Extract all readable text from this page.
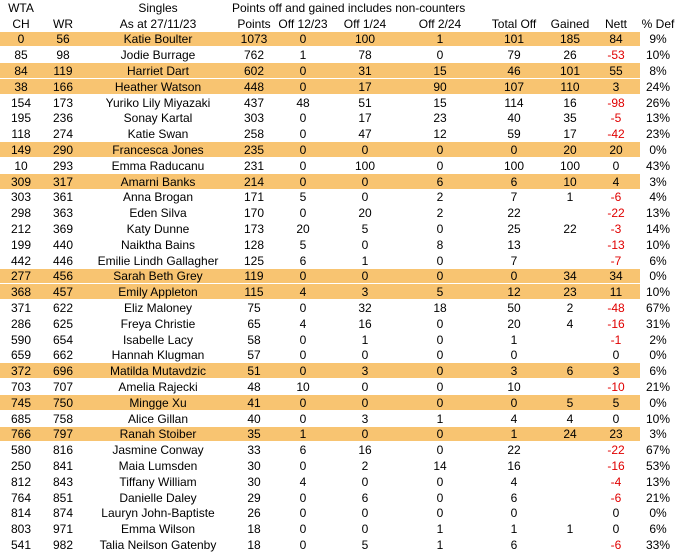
WTA		Singles	Points off and gained includes non-counters							
CH	WR	As at 27/11/23	Points	Off 12/23	Off 1/24	Off 2/24	Total Off	Gained	Nett	% Def
0	56	Katie Boulter	1073	0	100	1	101	185	84	9%
85	98	Jodie Burrage	762	1	78	0	79	26	-53	10%
84	119	Harriet Dart	602	0	31	15	46	101	55	8%
38	166	Heather Watson	448	0	17	90	107	110	3	24%
154	173	Yuriko Lily Miyazaki	437	48	51	15	114	16	-98	26%
195	236	Sonay Kartal	303	0	17	23	40	35	-5	13%
118	274	Katie Swan	258	0	47	12	59	17	-42	23%
149	290	Francesca Jones	235	0	0	0	0	20	20	0%
10	293	Emma Raducanu	231	0	100	0	100	100	0	43%
309	317	Amarni Banks	214	0	0	6	6	10	4	3%
303	361	Anna Brogan	171	5	0	2	7	1	-6	4%
298	363	Eden Silva	170	0	20	2	22		-22	13%
212	369	Katy Dunne	173	20	5	0	25	22	-3	14%
199	440	Naiktha Bains	128	5	0	8	13		-13	10%
442	446	Emilie Lindh Gallagher	125	6	1	0	7		-7	6%
277	456	Sarah Beth Grey	119	0	0	0	0	34	34	0%
368	457	Emily Appleton	115	4	3	5	12	23	11	10%
371	622	Eliz Maloney	75	0	32	18	50	2	-48	67%
286	625	Freya Christie	65	4	16	0	20	4	-16	31%
590	654	Isabelle Lacy	58	0	1	0	1		-1	2%
659	662	Hannah Klugman	57	0	0	0	0		0	0%
372	696	Matilda Mutavdzic	51	0	3	0	3	6	3	6%
703	707	Amelia Rajecki	48	10	0	0	10		-10	21%
745	750	Mingge Xu	41	0	0	0	0	5	5	0%
685	758	Alice Gillan	40	0	3	1	4	4	0	10%
766	797	Ranah Stoiber	35	1	0	0	1	24	23	3%
580	816	Jasmine Conway	33	6	16	0	22		-22	67%
250	841	Maia Lumsden	30	0	2	14	16		-16	53%
812	843	Tiffany William	30	4	0	0	4		-4	13%
764	851	Danielle Daley	29	0	6	0	6		-6	21%
814	874	Lauryn John-Baptiste	26	0	0	0	0		0	0%
803	971	Emma Wilson	18	0	0	1	1	1	0	6%
541	982	Talia Neilson Gatenby	18	0	5	1	6		-6	33%
